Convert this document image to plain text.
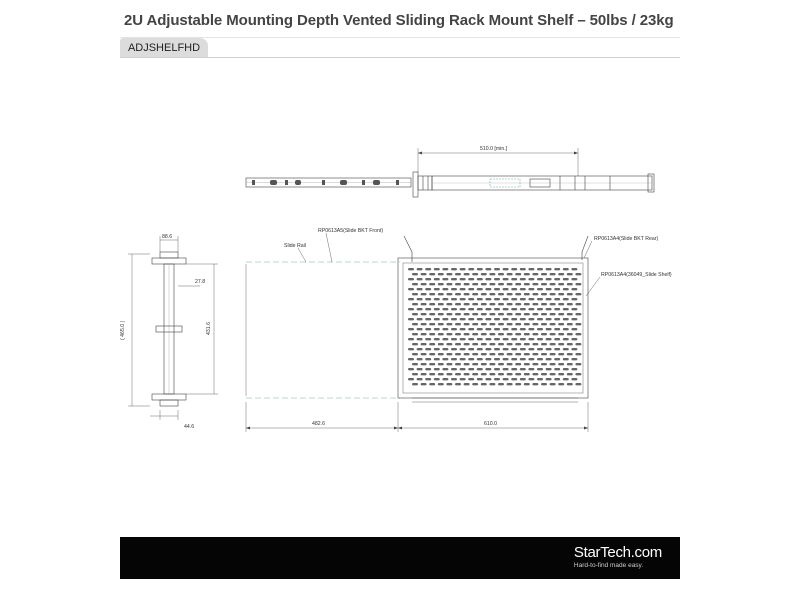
2U Adjustable Mounting Depth Vented Sliding Rack Mount Shelf – 50lbs / 23kg
ADJSHELFHD
510.0 [min.]
88.6
27.8
( 465.0 )	431.6
44.6
RP0613A5(Slide BKT Front)
Slide Rail
RP0613A4(Slide BKT Rear)
RP0613A4(36049_Slide Shelf)
482.6	610.0
StarTech.com
Hard-to-find made easy.
